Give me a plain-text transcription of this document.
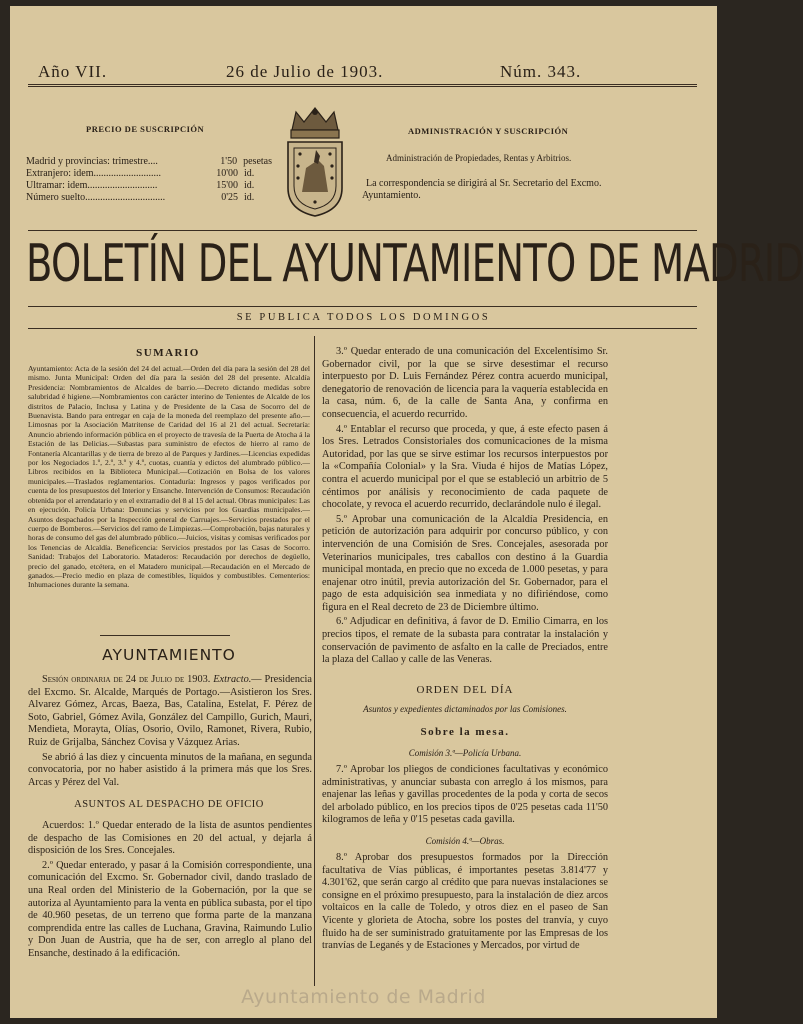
Año VII.	26 de Julio de 1903.	Núm. 343.
PRECIO DE SUSCRIPCIÓN
Madrid y provincias: trimestre....	1'50 pesetas
Extranjero: idem...........................	10'00 id.
Ultramar: idem............................	15'00 id.
Número suelto................................	0'25 id.
ADMINISTRACIÓN Y SUSCRIPCIÓN
Administración de Propiedades, Rentas y Arbitrios.
La correspondencia se dirigirá al Sr. Secretario del Excmo. Ayuntamiento.
BOLETÍN DEL AYUNTAMIENTO DE MADRID
SE PUBLICA TODOS LOS DOMINGOS
SUMARIO
Ayuntamiento: Acta de la sesión del 24 del actual.—Orden del día para la sesión del 28 del mismo. Junta Municipal: Orden del día para la sesión del 28 del presente. Alcaldía Presidencia: Nombramientos de Alcaldes de barrio.—Decreto dictando medidas sobre salubridad é higiene.—Nombramientos con carácter interino de Tenientes de Alcalde de los distritos de Palacio, Inclusa y Latina y de Presidente de la Casa de Socorro del de Buenavista. Bando para entregar en caja de la moneda del reemplazo del presente año.—Limosnas por la Asociación Matritense de Caridad del 16 al 21 del actual. Secretaría: Anuncio abriendo información pública en el proyecto de travesía de la Puerta de Atocha á la Estación de las Delicias.—Subastas para suministro de efectos de hierro al ramo de Fontanería Alcantarillas y de tierra de brezo al de Parques y Jardines.—Licencias expedidas por los Negociados 1.º, 2.º, 3.º y 4.º, cuotas, cuantía y edictos del alumbrado público.—Libros recibidos en la Biblioteca Municipal.—Cotización en Bolsa de los valores municipales.—Traslados reglamentarios. Contaduría: Ingresos y pagos verificados por cuenta de los presupuestos del Interior y Ensanche. Intervención de Consumos: Recaudación obtenida por el arrendatario y en el extrarradio del 8 al 15 del actual. Obras municipales: Las en ejecución. Policía Urbana: Denuncias y servicios por los Guardias municipales.—Asuntos despachados por la Inspección general de Carruajes.—Servicios prestados por el cuerpo de Bomberos.—Servicios del ramo de Limpiezas.—Comprobación, bajas naturales y horas de consumo del gas del alumbrado público.—Juicios, visitas y comisas verificados por los Tenencias de Alcaldía. Beneficencia: Servicios prestados por las Casas de Socorro. Sanidad: Trabajos del Laboratorio. Mataderos: Recaudación por derechos de degüello, precio del ganado, etcétera, en el Matadero municipal.—Recaudación en el Mercado de ganados.—Precio medio en plaza de comestibles, líquidos y combustibles. Cementerios: Inhumaciones durante la semana.
AYUNTAMIENTO

Sesión ordinaria de 24 de Julio de 1903. Extracto.— Presidencia del Excmo. Sr. Alcalde, Marqués de Portago.—Asistieron los Sres. Alvarez Gómez, Arcas, Baeza, Bas, Catalina, Estelat, F. Pérez de Soto, Gabriel, Gómez Avila, González del Campillo, Gurich, Mauri, Mendieta, Morayta, Olías, Osorio, Ovilo, Ramonet, Rivera, Rubio, Ruiz de Grijalba, Sánchez Covisa y Vázquez Arias.

Se abrió á las diez y cincuenta minutos de la mañana, en segunda convocatoria, por no haber asistido á la primera más que los Sres. Arcas y Pérez del Val.

ASUNTOS AL DESPACHO DE OFICIO

Acuerdos: 1.º Quedar enterado de la lista de asuntos pendientes de despacho de las Comisiones en 20 del actual, y dejarla á disposición de los Sres. Concejales.

2.º Quedar enterado, y pasar á la Comisión correspondiente, una comunicación del Excmo. Sr. Gobernador civil, dando traslado de una Real orden del Ministerio de la Gobernación, por la que se autoriza al Ayuntamiento para la venta en pública subasta, por el tipo de 40.960 pesetas, de un terreno que forma parte de la manzana comprendida entre las calles de Luchana, Gravina, Raimundo Lulio y Don Juan de Austria, que ha de ser, con arreglo al plano del Ensanche, destinado á la edificación.

3.º Quedar enterado de una comunicación del Excelentísimo Sr. Gobernador civil, por la que se sirve desestimar el recurso interpuesto por D. Luis Fernández Pérez contra acuerdo municipal, denegatorio de renovación de licencia para la vaquería establecida en la casa, núm. 6, de la calle de Santa Ana, y confirma en consecuencia, el acuerdo recurrido.

4.º Entablar el recurso que proceda, y que, á este efecto pasen á los Sres. Letrados Consistoriales dos comunicaciones de la misma Autoridad, por las que se sirve estimar los recursos interpuestos por la «Compañía Colonial» y la Sra. Viuda é hijos de Matías López, contra el acuerdo municipal por el que se estableció un arbitrio de 5 céntimos por análisis y reconocimiento de cada paquete de chocolate, y revoca el acuerdo recurrido, declarándole nulo é ilegal.

5.º Aprobar una comunicación de la Alcaldía Presidencia, en petición de autorización para adquirir por concurso público, y con intervención de una Comisión de Sres. Concejales, asesorada por Veterinarios municipales, tres caballos con destino á la Guardia municipal montada, en precio que no exceda de 1.000 pesetas, y para enajenar otro inútil, previa autorización del Sr. Gobernador, para el pago de esta adquisición sea inmediata y no difiriéndose, como figura en el Real decreto de 23 de Diciembre último.

6.º Adjudicar en definitiva, á favor de D. Emilio Cimarra, en los precios tipos, el remate de la subasta para contratar la instalación y conservación de pavimento de asfalto en la calle de Preciados, entre la plaza del Callao y calle de las Veneras.

ORDEN DEL DÍA
Asuntos y expedientes dictaminados por las Comisiones.
Sobre la mesa.
Comisión 3.ª—Policía Urbana.

7.º Aprobar los pliegos de condiciones facultativas y económico administrativas, y anunciar subasta con arreglo á los mismos, para enajenar las leñas y gavillas procedentes de la poda y corta de secos del arbolado público, en los precios tipos de 0'25 pesetas cada 11'50 kilogramos de leña y 0'15 pesetas cada gavilla.

Comisión 4.ª—Obras.

8.º Aprobar dos presupuestos formados por la Dirección facultativa de Vías públicas, é importantes pesetas 3.814'77 y 4.301'62, que serán cargo al crédito que para nuevas instalaciones se consigne en el próximo presupuesto, para la instalación de diez arcos voltaicos en la calle de Toledo, y otros diez en el paseo de San Vicente y glorieta de Atocha, sobre los postes del tranvía, y cuyo fluido ha de ser suministrado gratuitamente por las Empresas de los tranvías de Leganés y de Estaciones y Mercados, por virtud de

Ayuntamiento de Madrid
